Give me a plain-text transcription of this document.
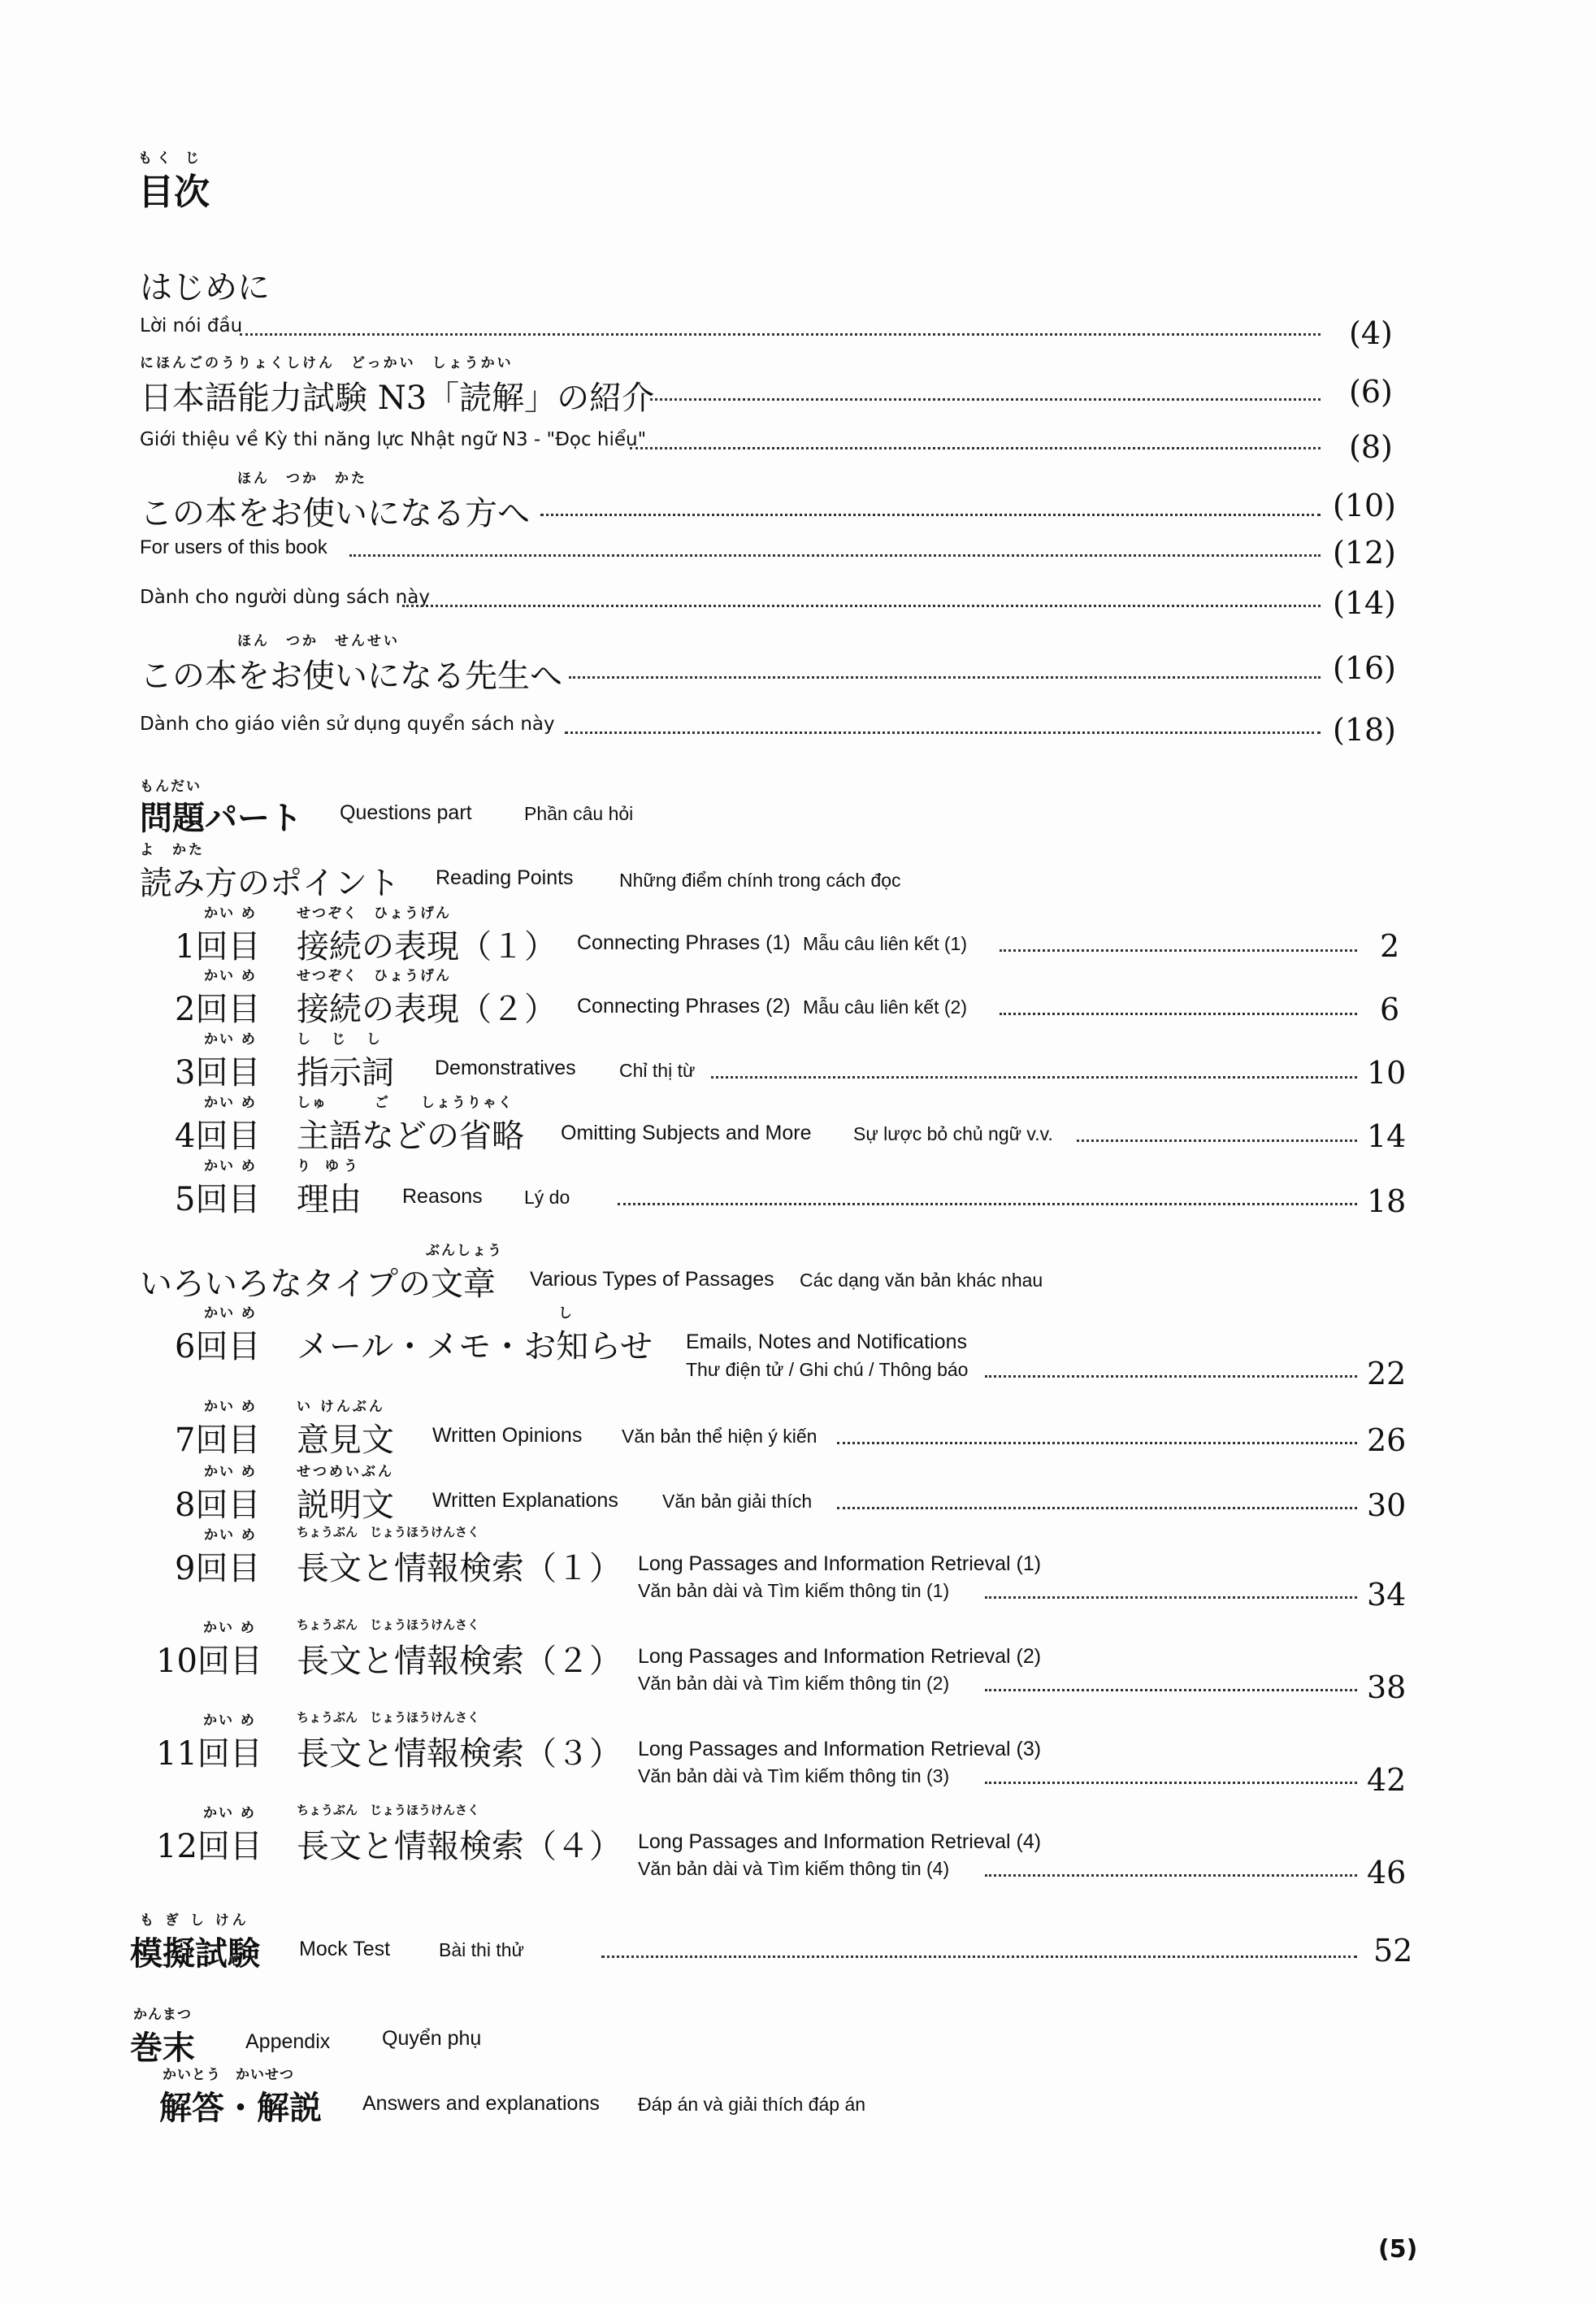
もく じ
目次
はじめに
Lời nói đầu	(4)
にほんごのうりょくしけん　どっかい　しょうかい
日本語能力試験 N3「読解」の紹介	(6)
Giới thiệu về Kỳ thi năng lực Nhật ngữ N3 - "Đọc hiểu"	(8)
ほん　つか　かた
この本をお使いになる方へ	(10)
For users of this book	(12)
Dành cho người dùng sách này	(14)
ほん　つか　せんせい
この本をお使いになる先生へ	(16)
Dành cho giáo viên sử dụng quyển sách này	(18)
もんだい
問題パート Questions part	Phần câu hỏi
よ　かた
読み方のポイント Reading Points Những điểm chính trong cách đọc
かい め
1回目
せつぞく　ひょうげん
接続の表現（１） Connecting Phrases (1) Mẫu câu liên kết (1)	2
かい め
2回目
せつぞく　ひょうげん
接続の表現（２） Connecting Phrases (2) Mẫu câu liên kết (2)	6
かい め
3回目
し じ し
指示詞 Demonstratives Chỉ thị từ	10
かい め
4回目
しゅ ご　　しょうりゃく
主語などの省略 Omitting Subjects and More Sự lược bỏ chủ ngữ v.v.	14
かい め
5回目
り ゆう
理由 Reasons Lý do	18
ぶんしょう
いろいろなタイプの文章 Various Types of Passages Các dạng văn bản khác nhau
かい め
6回目
し
メール・メモ・お知らせ Emails, Notes and Notifications
Thư điện tử / Ghi chú / Thông báo	22
かい め
7回目
い けんぶん
意見文 Written Opinions Văn bản thể hiện ý kiến	26
かい め
8回目
せつめいぶん
説明文 Written Explanations Văn bản giải thích	30
かい め
9回目
ちょうぶん　じょうほうけんさく
長文と情報検索（１） Long Passages and Information Retrieval (1)
Văn bản dài và Tìm kiếm thông tin (1)	34
かい め
10回目
ちょうぶん　じょうほうけんさく
長文と情報検索（２） Long Passages and Information Retrieval (2)
Văn bản dài và Tìm kiếm thông tin (2)	38
かい め
11回目
ちょうぶん　じょうほうけんさく
長文と情報検索（３） Long Passages and Information Retrieval (3)
Văn bản dài và Tìm kiếm thông tin (3)	42
かい め
12回目
ちょうぶん　じょうほうけんさく
長文と情報検索（４） Long Passages and Information Retrieval (4)
Văn bản dài và Tìm kiếm thông tin (4)	46
も ぎ し けん
模擬試験 Mock Test	Bài thi thử	52
かんまつ
巻末 Appendix	Quyển phụ
かいとう　かいせつ
解答・解説 Answers and explanations Đáp án và giải thích đáp án
(5)
